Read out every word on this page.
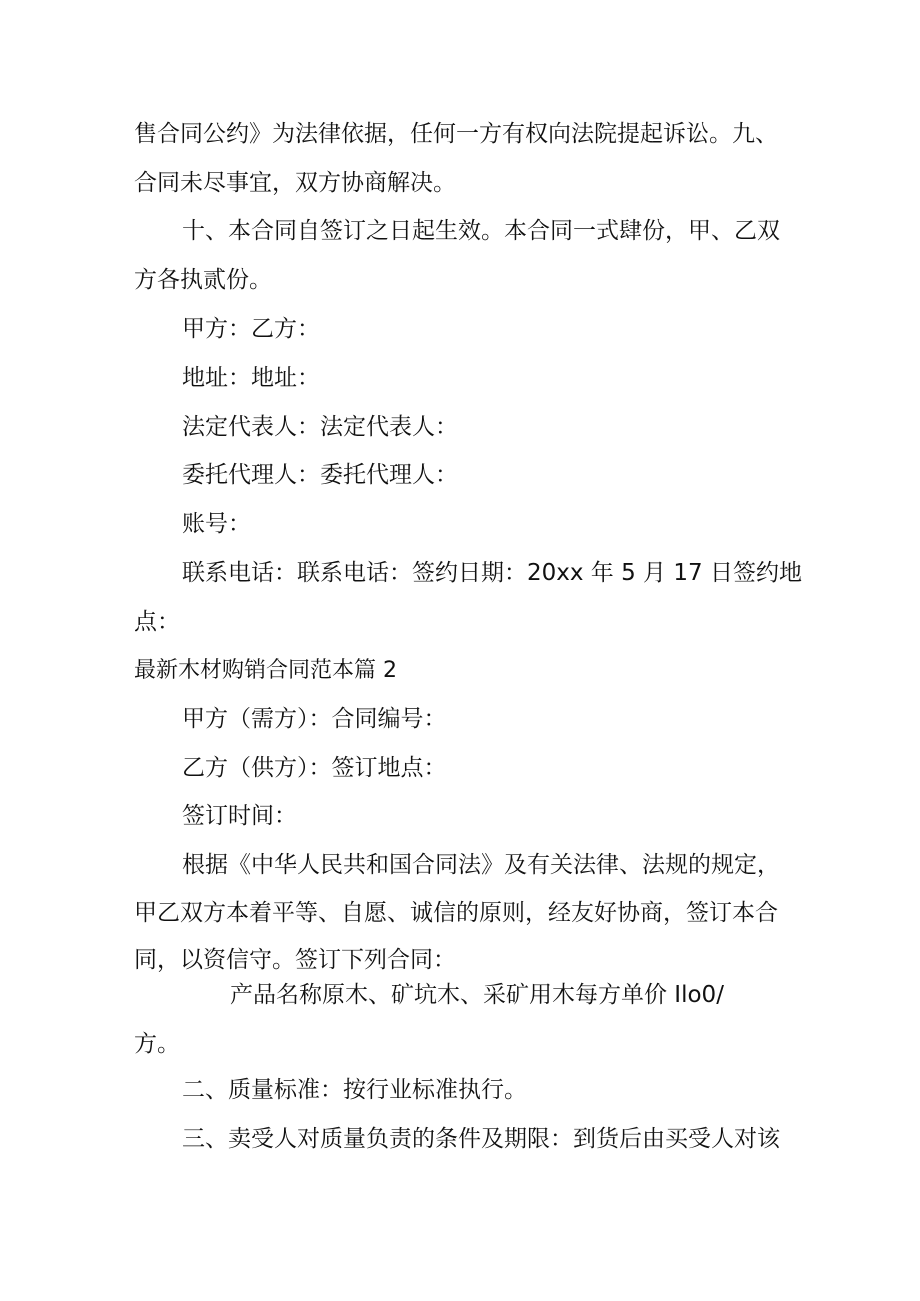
售合同公约》为法律依据，任何一方有权向法院提起诉讼。九、
合同未尽事宜，双方协商解决。
十、本合同自签订之日起生效。本合同一式肆份，甲、乙双
方各执贰份。
甲方：乙方：
地址：地址：
法定代表人：法定代表人：
委托代理人：委托代理人：
账号：
联系电话：联系电话：签约日期：20xx 年 5 月 17 日签约地
点：
最新木材购销合同范本篇 2
甲方（需方）：合同编号：
乙方（供方）：签订地点：
签订时间：
根据《中华人民共和国合同法》及有关法律、法规的规定，
甲乙双方本着平等、自愿、诚信的原则，经友好协商，签订本合
同，以资信守。签订下列合同：
产品名称原木、矿坑木、采矿用木每方单价 Ilo0/
方。
二、质量标准：按行业标准执行。
三、卖受人对质量负责的条件及期限：到货后由买受人对该
